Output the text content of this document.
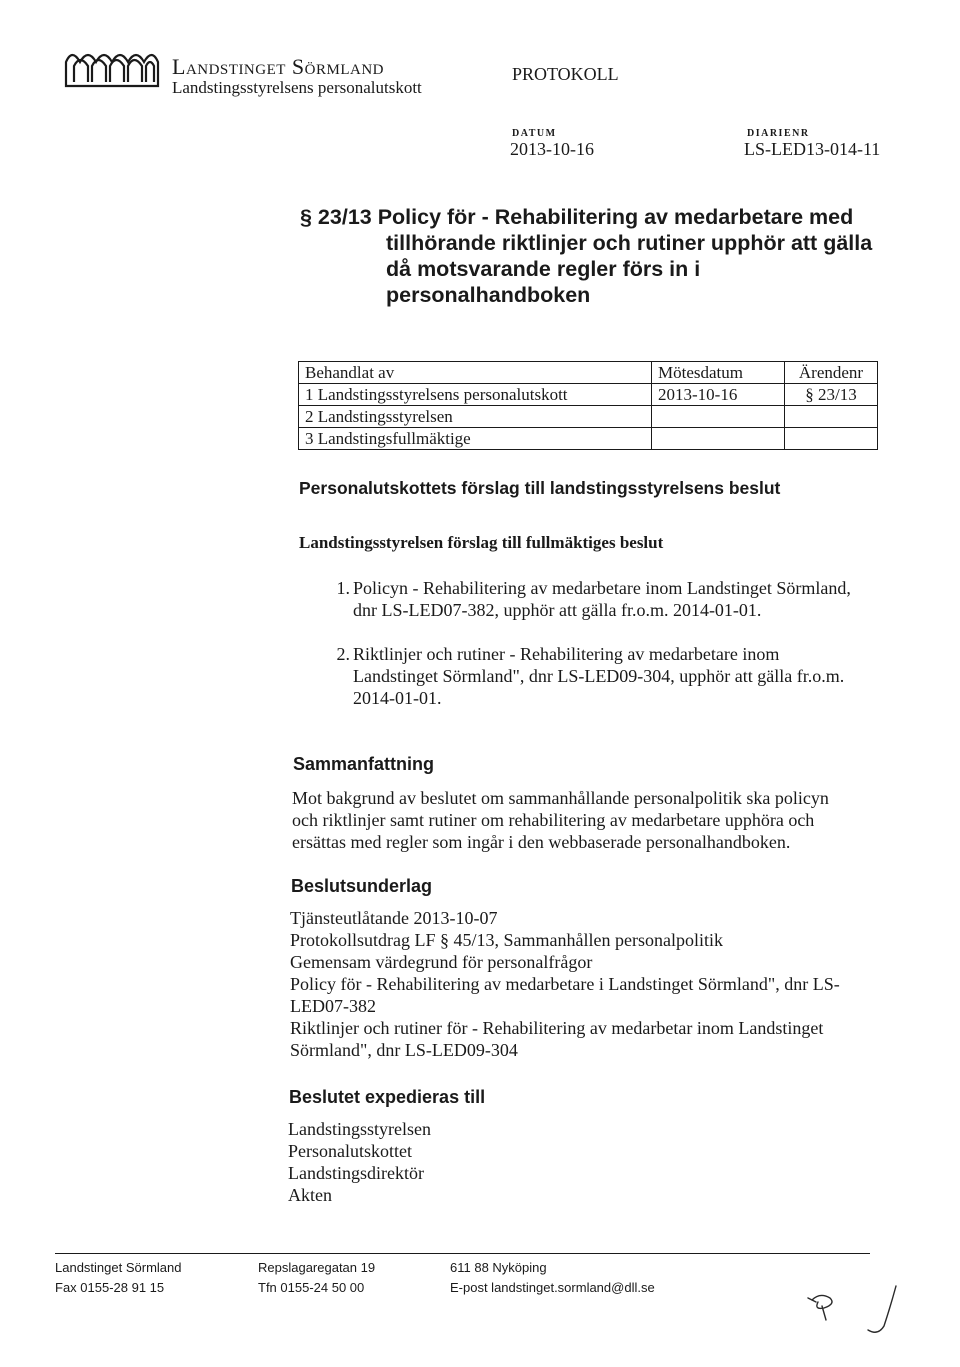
Landstinget Sörmland
Landstingsstyrelsens personalutskott
PROTOKOLL
DATUM
2013-10-16
DIARIENR
LS-LED13-014-11
§ 23/13 Policy för - Rehabilitering av medarbetare med
tillhörande riktlinjer och rutiner upphör att gälla
då motsvarande regler förs in i
personalhandboken
Behandlat av	Mötesdatum	Ärendenr
1 Landstingsstyrelsens personalutskott	2013-10-16	§ 23/13
2 Landstingsstyrelsen		
3 Landstingsfullmäktige		
Personalutskottets förslag till landstingsstyrelsens beslut
Landstingsstyrelsen förslag till fullmäktiges beslut
1. Policyn - Rehabilitering av medarbetare inom Landstinget Sörmland,
dnr LS-LED07-382, upphör att gälla fr.o.m. 2014-01-01.
2. Riktlinjer och rutiner - Rehabilitering av medarbetare inom
Landstinget Sörmland", dnr LS-LED09-304, upphör att gälla fr.o.m.
2014-01-01.
Sammanfattning
Mot bakgrund av beslutet om sammanhållande personalpolitik ska policyn
och riktlinjer samt rutiner om rehabilitering av medarbetare upphöra och
ersättas med regler som ingår i den webbaserade personalhandboken.
Beslutsunderlag
Tjänsteutlåtande 2013-10-07
Protokollsutdrag LF § 45/13, Sammanhållen personalpolitik
Gemensam värdegrund för personalfrågor
Policy för - Rehabilitering av medarbetare i Landstinget Sörmland", dnr LS-
LED07-382
Riktlinjer och rutiner för - Rehabilitering av medarbetar inom Landstinget
Sörmland", dnr LS-LED09-304
Beslutet expedieras till
Landstingsstyrelsen
Personalutskottet
Landstingsdirektör
Akten
Landstinget Sörmland
Fax 0155-28 91 15
Repslagaregatan 19
Tfn 0155-24 50 00
611 88 Nyköping
E-post landstinget.sormland@dll.se
